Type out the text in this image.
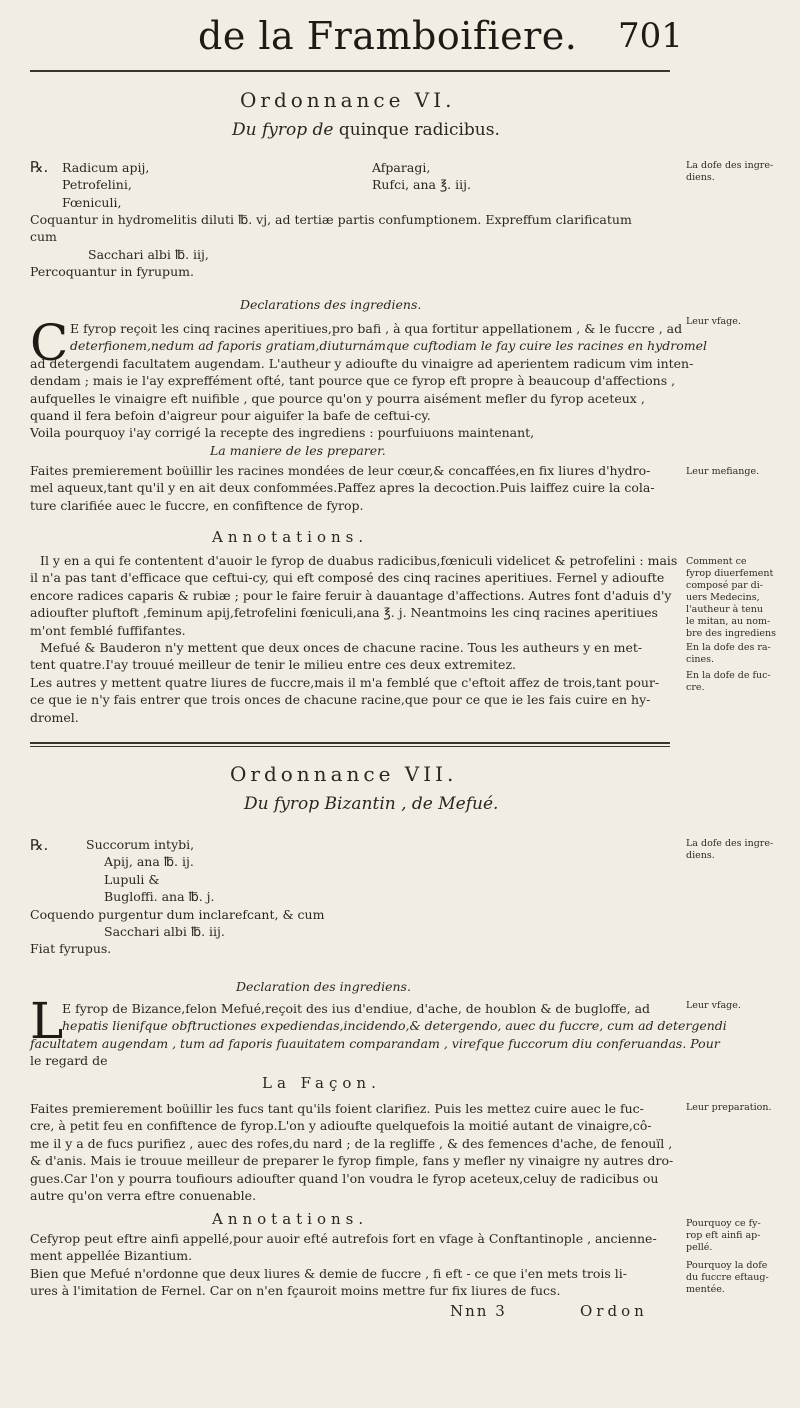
de la Framboifiere. 701
Ordonnance VI.
Du fyrop de quinque radicibus.
℞. Radicum apij,
Petrofelini,
Fœniculi,
Afparagi,
Rufci, ana ℥. iij.
Coquantur in hydromelitis diluti ℔. vj, ad tertiæ partis confumptionem. Expreffum clarificatum
cum
Sacchari albi ℔. iij,
Percoquantur in fyrupum.
Declarations des ingrediens.
C E fyrop reçoit les cinq racines aperitiues,pro bafi , à qua fortitur appellationem , & le fuccre , ad
deterfionem,nedum ad faporis gratiam,diuturnámque cuftodiam le fay cuire les racines en hydromel
ad detergendi facultatem augendam. L'autheur y adioufte du vinaigre ad aperientem radicum vim inten-
dendam ; mais ie l'ay expreffément ofté, tant pource que ce fyrop eft propre à beaucoup d'affections ,
aufquelles le vinaigre eft nuifible , que pource qu'on y pourra aisément mefler du fyrop aceteux ,
quand il fera befoin d'aigreur pour aiguifer la bafe de ceftui-cy.
Voila pourquoy i'ay corrigé la recepte des ingrediens : pourfuiuons maintenant,
La maniere de les preparer.
Faites premierement boüillir les racines mondées de leur cœur,& concaffées,en fix liures d'hydro-
mel aqueux,tant qu'il y en ait deux confommées.Paffez apres la decoction.Puis laiffez cuire la cola-
ture clarifiée auec le fuccre, en confiftence de fyrop.
Annotations.
Il y en a qui fe contentent d'auoir le fyrop de duabus radicibus,fœniculi videlicet & petrofelini : mais
il n'a pas tant d'efficace que ceftui-cy, qui eft composé des cinq racines aperitiues. Fernel y adioufte
encore radices caparis & rubiæ ; pour le faire feruir à dauantage d'affections. Autres font d'aduis d'y
adioufter pluftoft ,feminum apij,fetrofelini fœniculi,ana ℥. j. Neantmoins les cinq racines aperitiues
m'ont femblé fuffifantes.
Mefué & Bauderon n'y mettent que deux onces de chacune racine. Tous les autheurs y en met-
tent quatre.I'ay trouué meilleur de tenir le milieu entre ces deux extremitez.
Les autres y mettent quatre liures de fuccre,mais il m'a femblé que c'eftoit affez de trois,tant pour-
ce que ie n'y fais entrer que trois onces de chacune racine,que pour ce que ie les fais cuire en hy-
dromel.
La dofe des ingre-
diens.
Leur vfage.
Leur mefiange.
Comment ce
fyrop diuerfement
composé par di-
uers Medecins,
l'autheur à tenu
le mitan, au nom-
bre des ingrediens
En la dofe des ra-
cines.
En la dofe de fuc-
cre.
Ordonnance VII.
Du fyrop Bizantin , de Mefué.
℞.	Succorum intybi,
Apij, ana ℔. ij.
Lupuli &
Bugloffi. ana ℔. j.
Coquendo purgentur dum inclarefcant, & cum
Sacchari albi ℔. iij.
Fiat fyrupus.
Declaration des ingrediens.
L
E fyrop de Bizance,felon Mefué,reçoit des ius d'endiue, d'ache, de houblon & de bugloffe, ad
hepatis lienifque obftructiones expediendas,incidendo,& detergendo, auec du fuccre, cum ad detergendi
facultatem augendam , tum ad faporis fuauitatem comparandam , virefque fuccorum diu conferuandas. Pour
le regard de
La Façon.
Faites premierement boüillir les fucs tant qu'ils foient clarifiez. Puis les mettez cuire auec le fuc-
cre, à petit feu en confiftence de fyrop.L'on y adioufte quelquefois la moitié autant de vinaigre,cô-
me il y a de fucs purifiez , auec des rofes,du nard ; de la regliffe , & des femences d'ache, de fenouïl ,
& d'anis. Mais ie trouue meilleur de preparer le fyrop fimple, fans y mefler ny vinaigre ny autres dro-
gues.Car l'on y pourra toufiours adioufter quand l'on voudra le fyrop aceteux,celuy de radicibus ou
autre qu'on verra eftre conuenable.
Annotations.
Cefyrop peut eftre ainfi appellé,pour auoir efté autrefois fort en vfage à Conftantinople , ancienne-
ment appellée Bizantium.
Bien que Mefué n'ordonne que deux liures & demie de fuccre , fi eft - ce que i'en mets trois li-
ures à l'imitation de Fernel. Car on n'en fçauroit moins mettre fur fix liures de fucs.
La dofe des ingre-
diens.
Leur vfage.
Leur preparation.
Pourquoy ce fy-
rop eft ainfi ap-
pellé.
Pourquoy la dofe
du fuccre eftaug-
mentée.
Nnn 3	Ordon
